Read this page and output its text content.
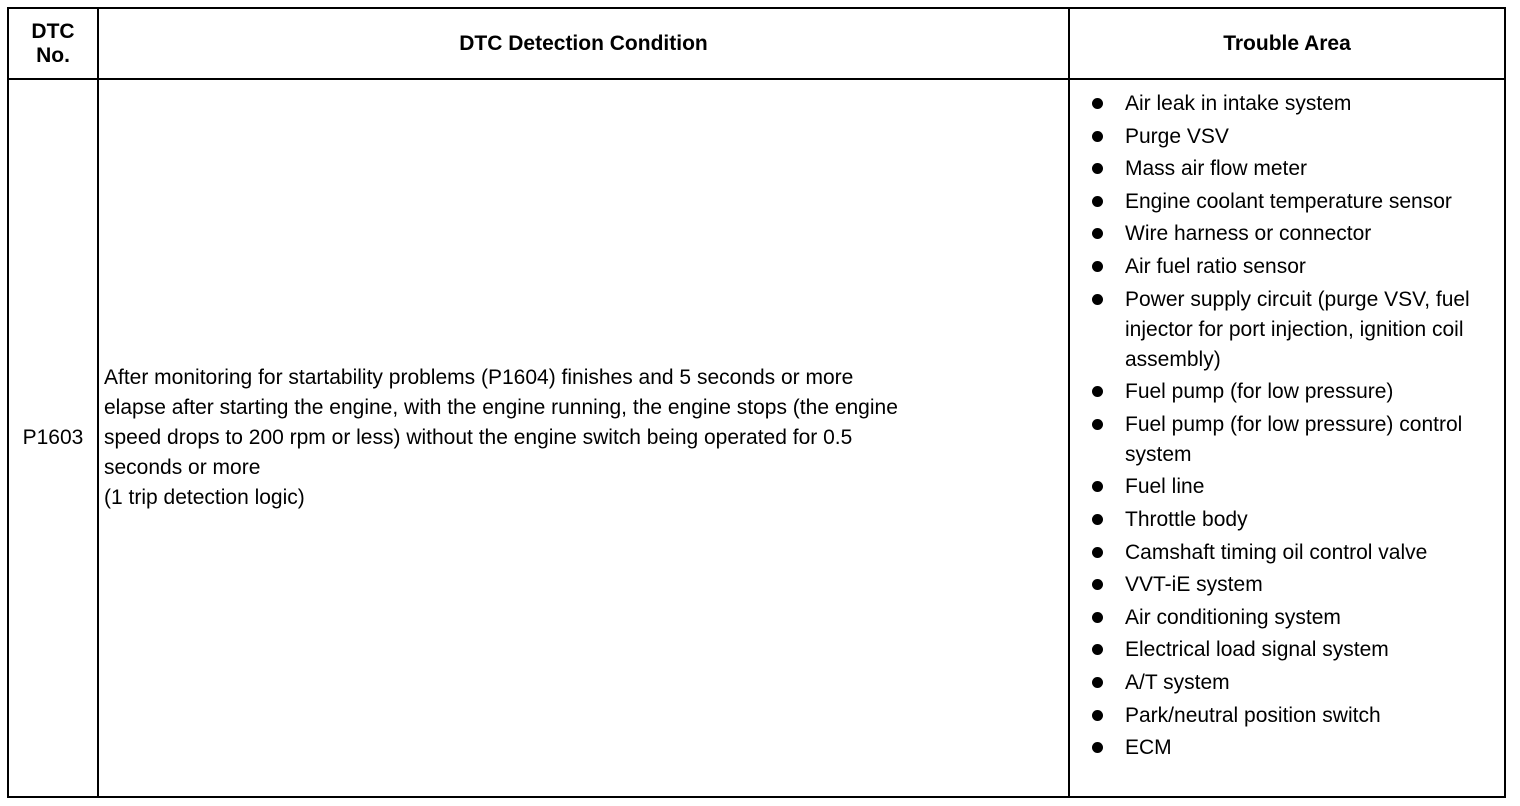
DTC
No.
DTC Detection Condition	Trouble Area
P1603
After monitoring for startability problems (P1604) finishes and 5 seconds or more
elapse after starting the engine, with the engine running, the engine stops (the engine
speed drops to 200 rpm or less) without the engine switch being operated for 0.5
seconds or more
(1 trip detection logic)
Air leak in intake system
Purge VSV
Mass air flow meter
Engine coolant temperature sensor
Wire harness or connector
Air fuel ratio sensor
Power supply circuit (purge VSV, fuel injector for port injection, ignition coil assembly)
Fuel pump (for low pressure)
Fuel pump (for low pressure) control system
Fuel line
Throttle body
Camshaft timing oil control valve
VVT-iE system
Air conditioning system
Electrical load signal system
A/T system
Park/neutral position switch
ECM
